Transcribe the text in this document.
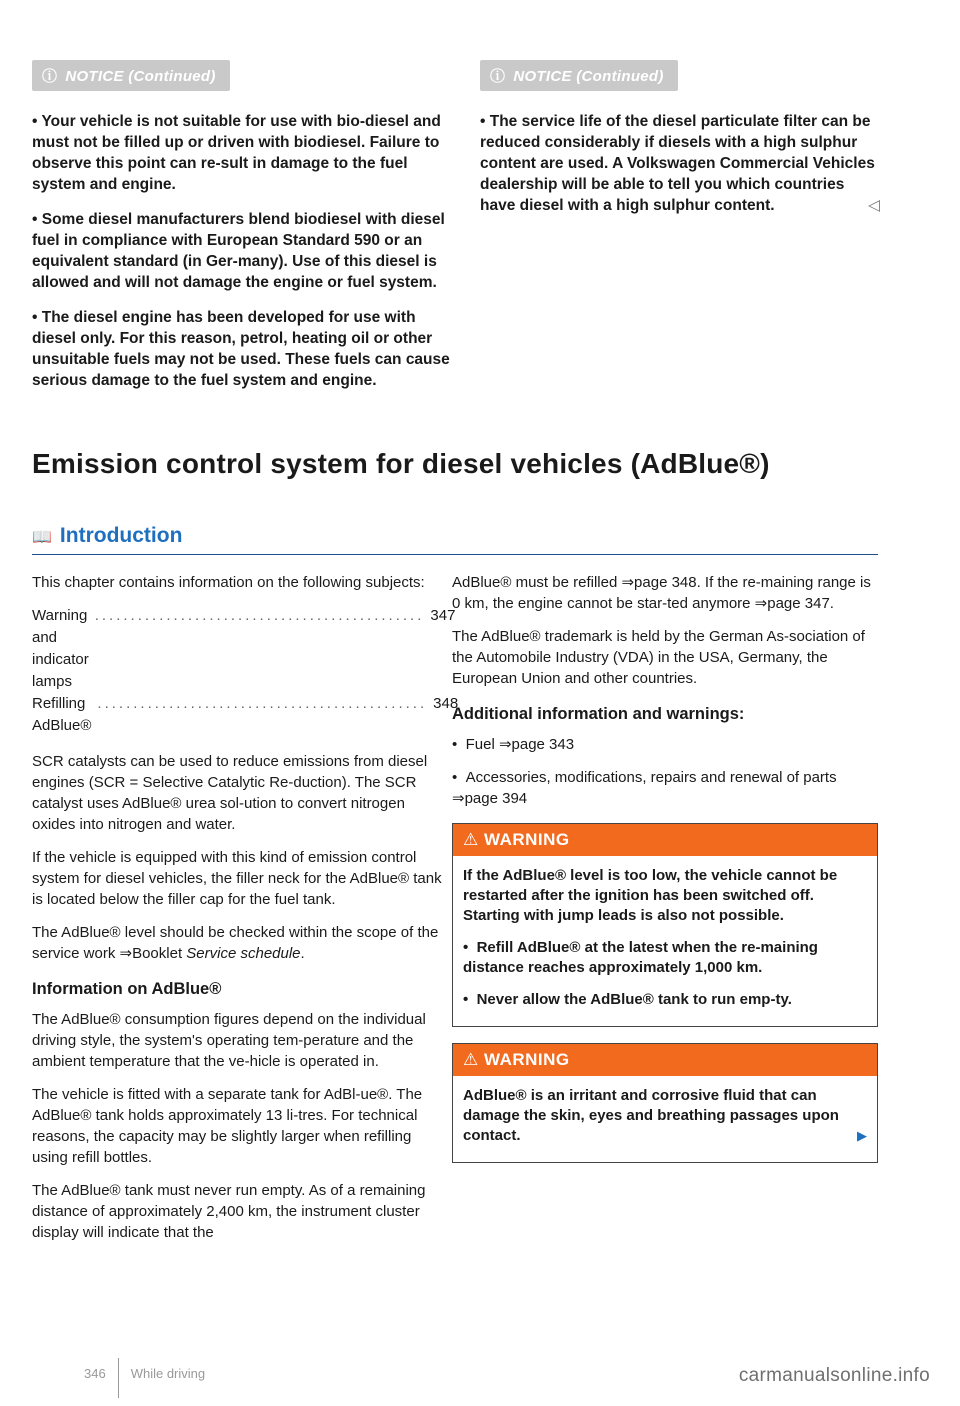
ⓘ NOTICE (Continued)

• Your vehicle is not suitable for use with bio-diesel and must not be filled up or driven with biodiesel. Failure to observe this point can re-sult in damage to the fuel system and engine.

• Some diesel manufacturers blend biodiesel with diesel fuel in compliance with European Standard 590 or an equivalent standard (in Ger-many). Use of this diesel is allowed and will not damage the engine or fuel system.

• The diesel engine has been developed for use with diesel only. For this reason, petrol, heating oil or other unsuitable fuels may not be used. These fuels can cause serious damage to the fuel system and engine.

ⓘ NOTICE (Continued)

• The service life of the diesel particulate filter can be reduced considerably if diesels with a high sulphur content are used. A Volkswagen Commercial Vehicles dealership will be able to tell you which countries have diesel with a high sulphur content.	◁

Emission control system for diesel vehicles (AdBlue®)
📖 Introduction

This chapter contains information on the following subjects:

Warning and indicator lamps
.............................................. 347
Refilling AdBlue®
.............................................. 348

SCR catalysts can be used to reduce emissions from diesel engines (SCR = Selective Catalytic Re-duction). The SCR catalyst uses AdBlue® urea sol-ution to convert nitrogen oxides into nitrogen and water.

If the vehicle is equipped with this kind of emission control system for diesel vehicles, the filler neck for the AdBlue® tank is located below the filler cap for the fuel tank.

The AdBlue® level should be checked within the scope of the service work ⇒Booklet Service schedule.

Information on AdBlue®

The AdBlue® consumption figures depend on the individual driving style, the system's operating tem-perature and the ambient temperature that the ve-hicle is operated in.

The vehicle is fitted with a separate tank for AdBl-ue®. The AdBlue® tank holds approximately 13 li-tres. For technical reasons, the capacity may be slightly larger when refilling using refill bottles.

The AdBlue® tank must never run empty. As of a remaining distance of approximately 2,400 km, the instrument cluster display will indicate that the

AdBlue® must be refilled ⇒page 348. If the re-maining range is 0 km, the engine cannot be star-ted anymore ⇒page 347.

The AdBlue® trademark is held by the German As-sociation of the Automobile Industry (VDA) in the USA, Germany, the European Union and other countries.

Additional information and warnings:

•  Fuel ⇒page 343

•  Accessories, modifications, repairs and renewal of parts ⇒page 394

⚠ WARNING

If the AdBlue® level is too low, the vehicle cannot be restarted after the ignition has been switched off. Starting with jump leads is also not possible.

•  Refill AdBlue® at the latest when the re-maining distance reaches approximately 1,000 km.

•  Never allow the AdBlue® tank to run emp-ty.

⚠ WARNING

AdBlue® is an irritant and corrosive fluid that can damage the skin, eyes and breathing passages upon contact.	▶

346 While driving	carmanualsonline.info
